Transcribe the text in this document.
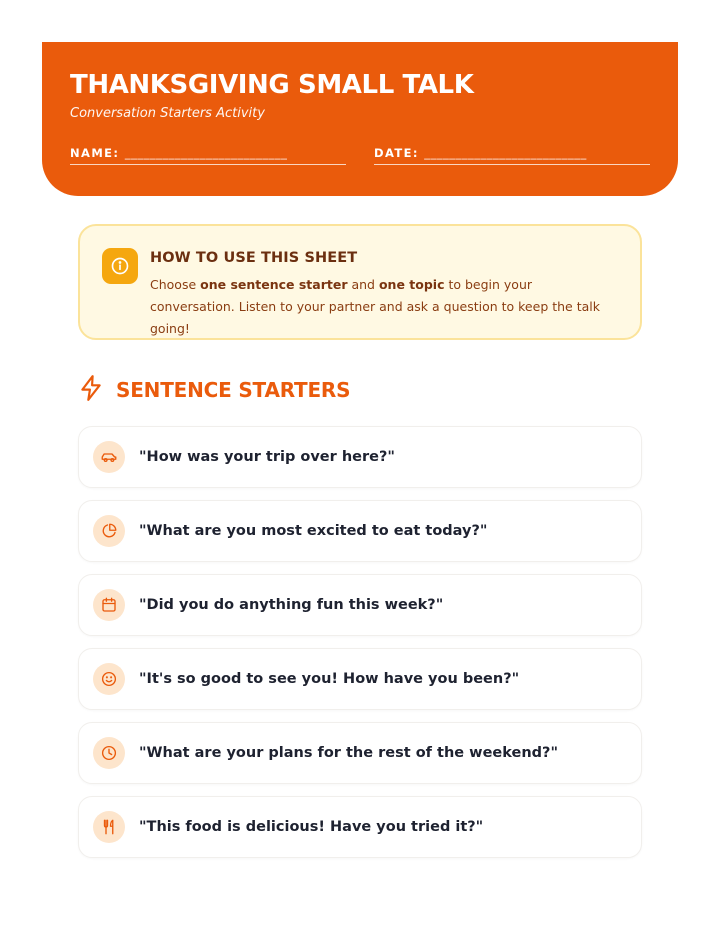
THANKSGIVING SMALL TALK
Conversation Starters Activity
NAME: __________________________	DATE: __________________________
HOW TO USE THIS SHEET
Choose one sentence starter and one topic to begin your conversation. Listen to your partner and ask a question to keep the talk going!
SENTENCE STARTERS
"How was your trip over here?"
"What are you most excited to eat today?"
"Did you do anything fun this week?"
"It's so good to see you! How have you been?"
"What are your plans for the rest of the weekend?"
"This food is delicious! Have you tried it?"
